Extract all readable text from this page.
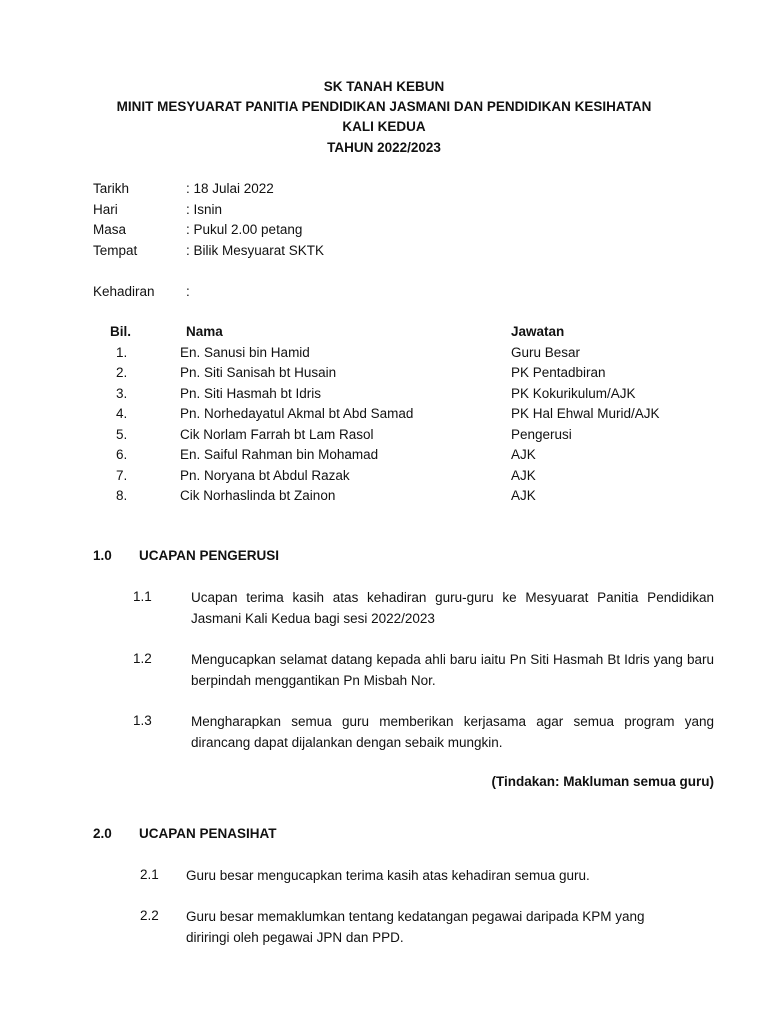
SK TANAH KEBUN
MINIT MESYUARAT PANITIA PENDIDIKAN JASMANI DAN PENDIDIKAN KESIHATAN
KALI KEDUA
TAHUN 2022/2023
Tarikh	: 18 Julai 2022
Hari	: Isnin
Masa	: Pukul 2.00 petang
Tempat	: Bilik Mesyuarat SKTK
Kehadiran :
Bil.	Nama	Jawatan
1.	En. Sanusi bin Hamid	Guru Besar
2.	Pn. Siti Sanisah bt Husain	PK Pentadbiran
3.	Pn. Siti Hasmah bt Idris	PK Kokurikulum/AJK
4.	Pn. Norhedayatul Akmal bt Abd Samad	PK Hal Ehwal Murid/AJK
5.	Cik Norlam Farrah bt Lam Rasol	Pengerusi
6.	En. Saiful Rahman bin Mohamad	AJK
7.	Pn. Noryana bt Abdul Razak	AJK
8.	Cik Norhaslinda bt Zainon	AJK
1.0 UCAPAN PENGERUSI
1.1	Ucapan terima kasih atas kehadiran guru-guru ke Mesyuarat Panitia Pendidikan Jasmani Kali Kedua bagi sesi 2022/2023
1.2	Mengucapkan selamat datang kepada ahli baru iaitu Pn Siti Hasmah Bt Idris yang baru berpindah menggantikan Pn Misbah Nor.
1.3	Mengharapkan semua guru memberikan kerjasama agar semua program yang dirancang dapat dijalankan dengan sebaik mungkin.
(Tindakan: Makluman semua guru)
2.0 UCAPAN PENASIHAT
2.1 Guru besar mengucapkan terima kasih atas kehadiran semua guru.
2.2 Guru besar memaklumkan tentang kedatangan pegawai daripada KPM yang diriringi oleh pegawai JPN dan PPD.
